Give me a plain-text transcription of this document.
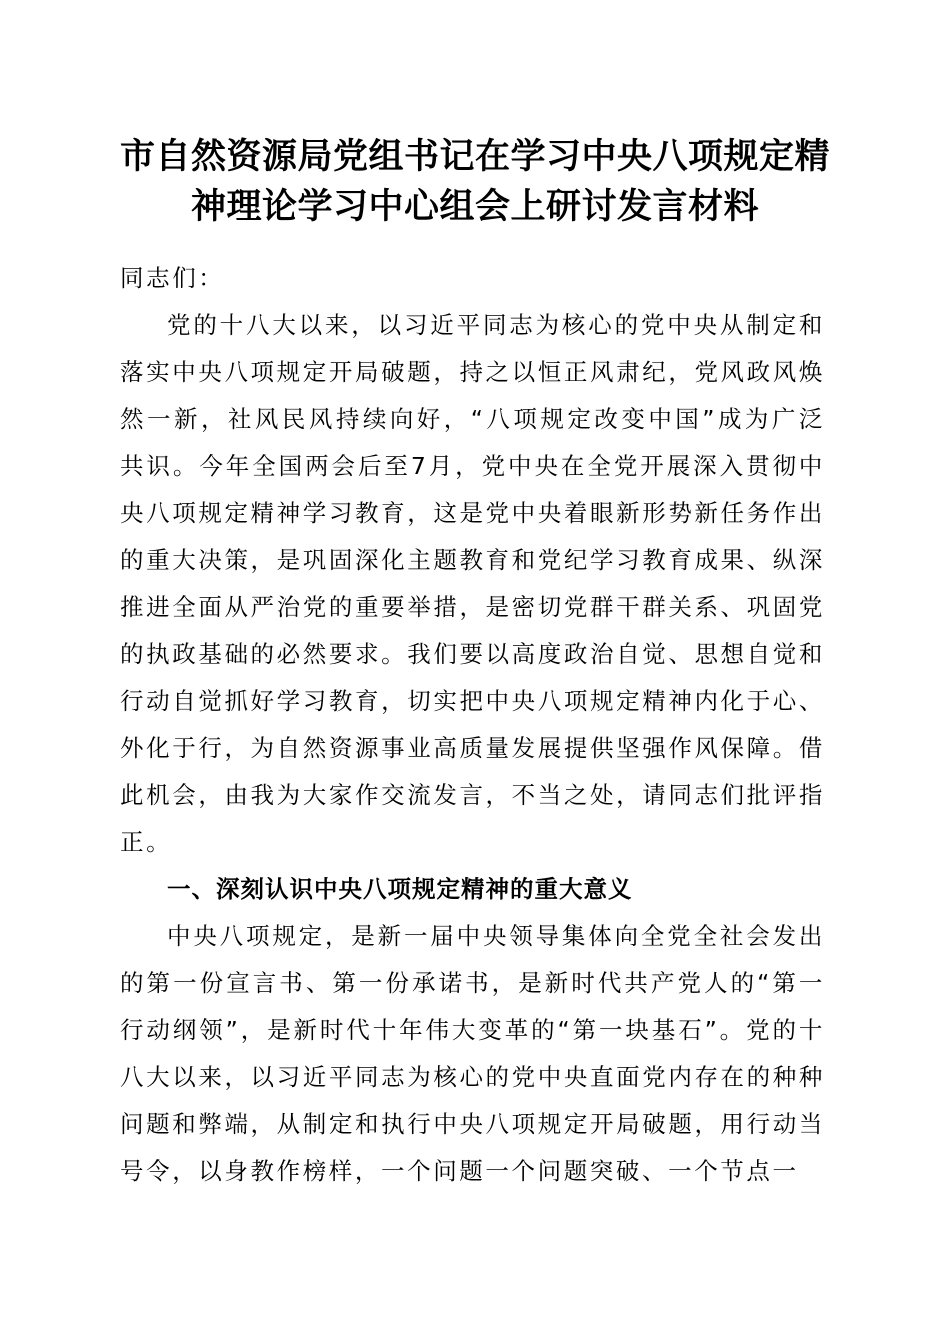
市自然资源局党组书记在学习中央八项规定精
神理论学习中心组会上研讨发言材料

同志们：

党的十八大以来，以习近平同志为核心的党中央从制定和落实中央八项规定开局破题，持之以恒正风肃纪，党风政风焕然一新，社风民风持续向好，“八项规定改变中国”成为广泛共识。今年全国两会后至7月，党中央在全党开展深入贯彻中央八项规定精神学习教育，这是党中央着眼新形势新任务作出的重大决策，是巩固深化主题教育和党纪学习教育成果、纵深推进全面从严治党的重要举措，是密切党群干群关系、巩固党的执政基础的必然要求。我们要以高度政治自觉、思想自觉和行动自觉抓好学习教育，切实把中央八项规定精神内化于心、外化于行，为自然资源事业高质量发展提供坚强作风保障。借此机会，由我为大家作交流发言，不当之处，请同志们批评指正。

一、深刻认识中央八项规定精神的重大意义

中央八项规定，是新一届中央领导集体向全党全社会发出的第一份宣言书、第一份承诺书，是新时代共产党人的“第一行动纲领”，是新时代十年伟大变革的“第一块基石”。党的十八大以来，以习近平同志为核心的党中央直面党内存在的种种问题和弊端，从制定和执行中央八项规定开局破题，用行动当号令，以身教作榜样，一个问题一个问题突破、一个节点一
